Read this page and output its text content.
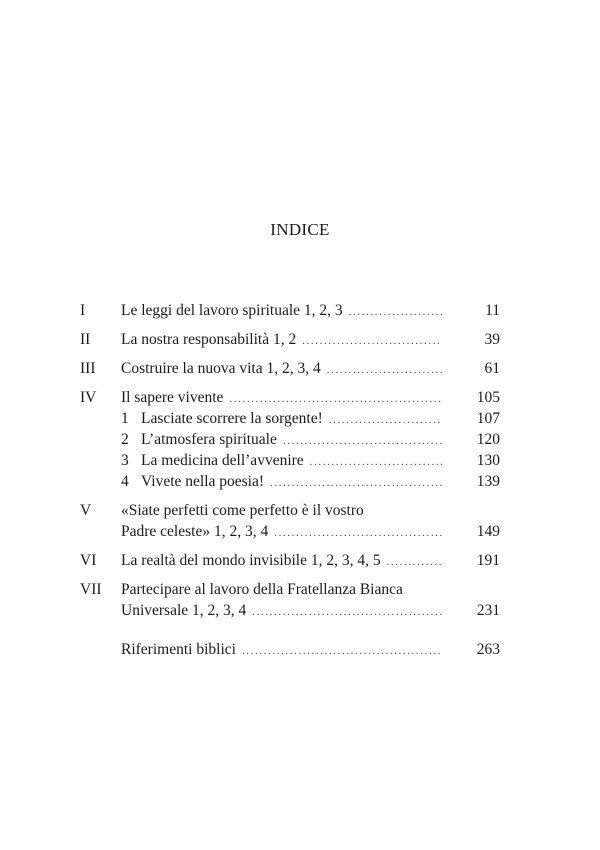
INDICE
I	Le leggi del lavoro spirituale 1, 2, 3 .....	11
II	La nostra responsabilità 1, 2 .....	39
III	Costruire la nuova vita 1, 2, 3, 4 .....	61
IV	Il sapere vivente .....	105
1 Lasciate scorrere la sorgente! .....	107
2 L’atmosfera spirituale .....	120
3 La medicina dell’avvenire .....	130
4 Vivete nella poesia! .....	139
V	«Siate perfetti come perfetto è il vostro
Padre celeste» 1, 2, 3, 4 .....	149
VI	La realtà del mondo invisibile 1, 2, 3, 4, 5 .....	191
VII	Partecipare al lavoro della Fratellanza Bianca
Universale 1, 2, 3, 4 .....	231
Riferimenti biblici .....	263
